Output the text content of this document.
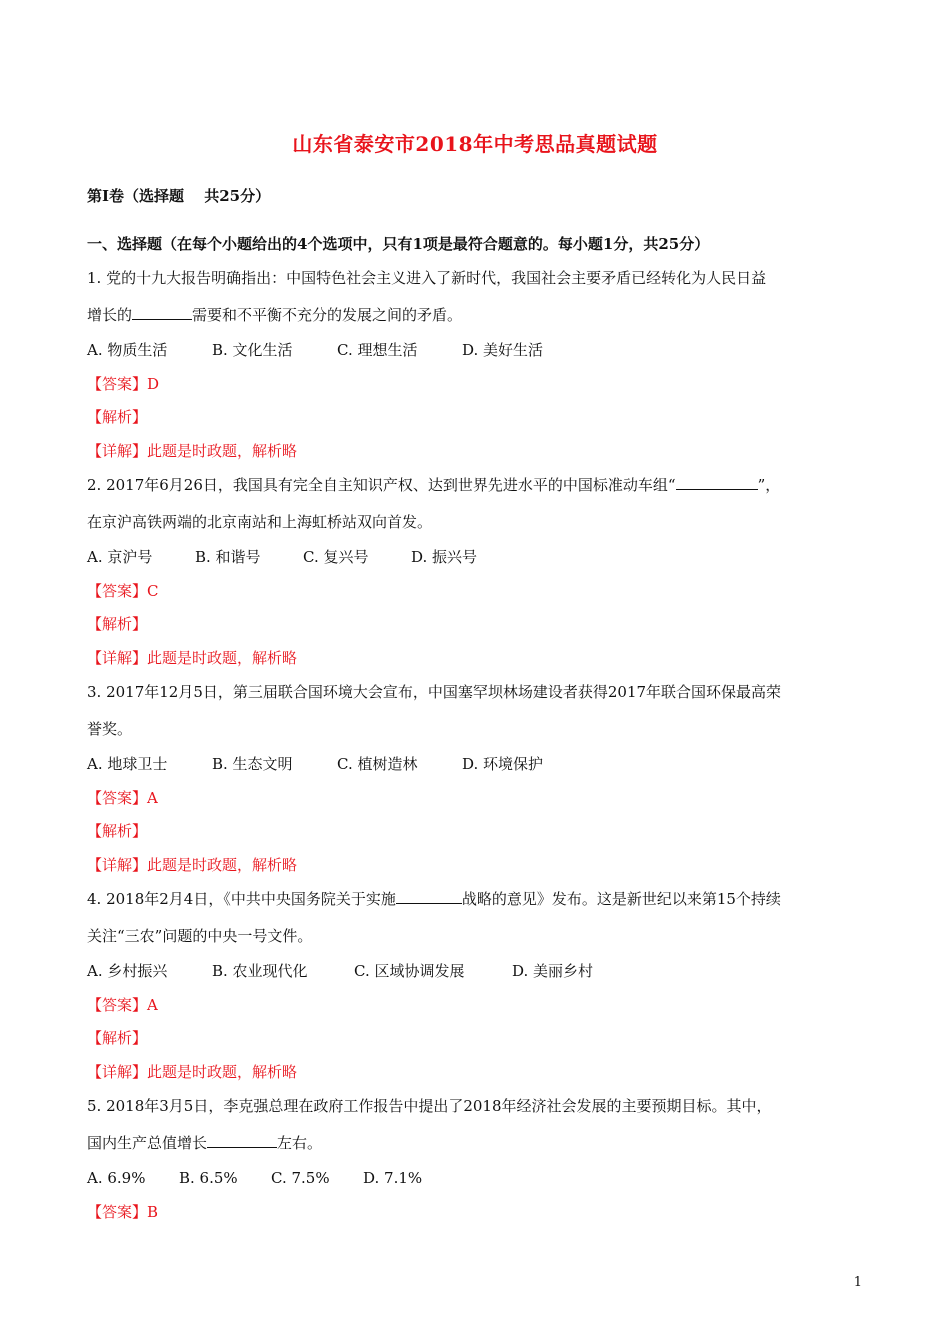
山东省泰安市2018年中考思品真题试题
第I卷（选择题　 共25分）
一、选择题（在每个小题给出的4个选项中，只有1项是最符合题意的。每小题1分，共25分）
1. 党的十九大报告明确指出：中国特色社会主义进入了新时代，我国社会主要矛盾已经转化为人民日益
增长的	需要和不平衡不充分的发展之间的矛盾。
A. 物质生活	B. 文化生活	C. 理想生活	D. 美好生活
【答案】D
【解析】
【详解】此题是时政题，解析略
2. 2017年6月26日，我国具有完全自主知识产权、达到世界先进水平的中国标准动车组“	”，
在京沪高铁两端的北京南站和上海虹桥站双向首发。
A. 京沪号	B. 和谐号	C. 复兴号	D. 振兴号
【答案】C
【解析】
【详解】此题是时政题，解析略
3. 2017年12月5日，第三届联合国环境大会宣布，中国塞罕坝林场建设者获得2017年联合国环保最高荣
誉奖。
A. 地球卫士	B. 生态文明	C. 植树造林	D. 环境保护
【答案】A
【解析】
【详解】此题是时政题，解析略
4. 2018年2月4日，《中共中央国务院关于实施	战略的意见》发布。这是新世纪以来第15个持续
关注“三农”问题的中央一号文件。
A. 乡村振兴	B. 农业现代化	C. 区域协调发展	D. 美丽乡村
【答案】A
【解析】
【详解】此题是时政题，解析略
5. 2018年3月5日，李克强总理在政府工作报告中提出了2018年经济社会发展的主要预期目标。其中，
国内生产总值增长	左右。
A. 6.9% B. 6.5% C. 7.5% D. 7.1%
【答案】B
1
